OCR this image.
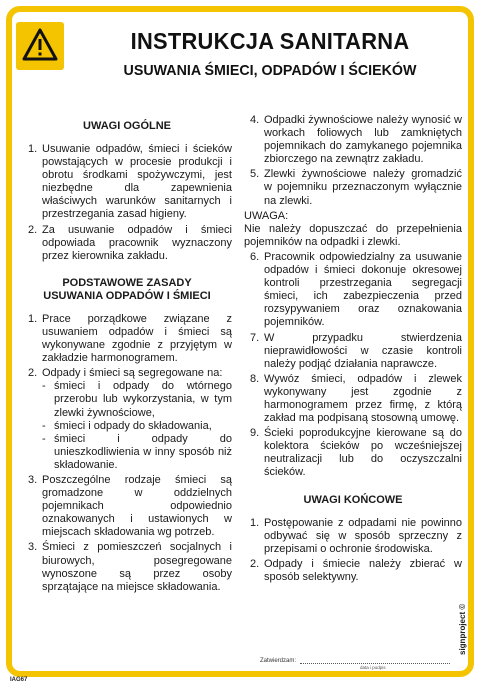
INSTRUKCJA SANITARNA
USUWANIA ŚMIECI, ODPADÓW I ŚCIEKÓW
UWAGI OGÓLNE
1. Usuwanie odpadów, śmieci i ścieków powstających w procesie produkcji i obrotu środkami spożywczymi, jest niezbędne dla zapewnienia właściwych warunków sanitarnych i przestrzegania zasad higieny.
2. Za usuwanie odpadów i śmieci odpowiada pracownik wyznaczony przez kierownika zakładu.
PODSTAWOWE ZASADY
USUWANIA ODPADÓW I ŚMIECI
1. Prace porządkowe związane z usuwaniem odpadów i śmieci są wykonywane zgodnie z przyjętym w zakładzie harmonogramem.
2. Odpady i śmieci są segregowane na:
- śmieci i odpady do wtórnego przerobu lub wykorzystania, w tym zlewki żywnościowe,
- śmieci i odpady do składowania,
- śmieci i odpady do unieszkodliwienia w inny sposób niż składowanie.
3. Poszczególne rodzaje śmieci są gromadzone w oddzielnych pojemnikach odpowiednio oznakowanych i ustawionych w miejscach składowania wg potrzeb.
3. Śmieci z pomieszczeń socjalnych i biurowych, posegregowane wynoszone są przez osoby sprzątające na miejsce składowania.
4. Odpadki żywnościowe należy wynosić w workach foliowych lub zamkniętych pojemnikach do zamykanego pojemnika zbiorczego na zewnątrz zakładu.
5. Zlewki żywnościowe należy gromadzić w pojemniku przeznaczonym wyłącznie na zlewki.
UWAGA:
Nie należy dopuszczać do przepełnienia pojemników na odpadki i zlewki.
6. Pracownik odpowiedzialny za usuwanie odpadów i śmieci dokonuje okresowej kontroli przestrzegania segregacji śmieci, ich zabezpieczenia przed rozsypywaniem oraz oznakowania pojemników.
7. W przypadku stwierdzenia nieprawidłowości w czasie kontroli należy podjąć działania naprawcze.
8. Wywóz śmieci, odpadów i zlewek wykonywany jest zgodnie z harmonogramem przez firmę, z którą zakład ma podpisaną stosowną umowę.
9. Ścieki poprodukcyjne kierowane są do kolektora ścieków po wcześniejszej neutralizacji lub do oczyszczalni ścieków.
UWAGI KOŃCOWE
1. Postępowanie z odpadami nie powinno odbywać się w sposób sprzeczny z przepisami o ochronie środowiska.
2. Odpady i śmiecie należy zbierać w sposób selektywny.
Zatwierdzam:
data i podpis
signproject ©
IAG67
